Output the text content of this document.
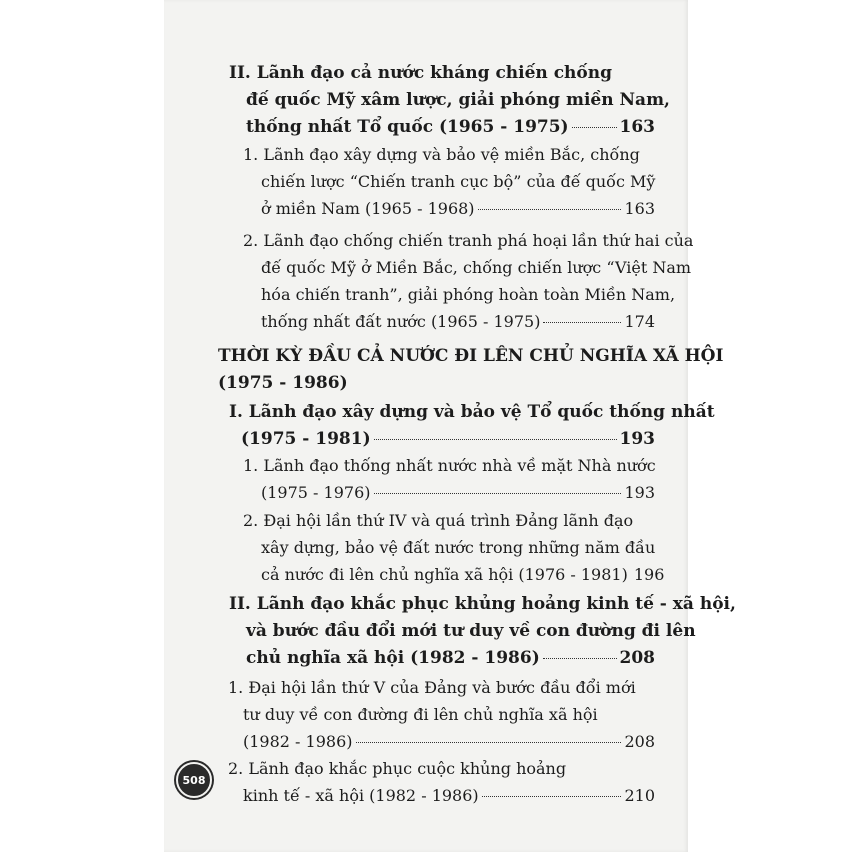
II. Lãnh đạo cả nước kháng chiến chống
đế quốc Mỹ xâm lược, giải phóng miền Nam,
thống nhất Tổ quốc (1965 - 1975)	163
1. Lãnh đạo xây dựng và bảo vệ miền Bắc, chống
chiến lược “Chiến tranh cục bộ” của đế quốc Mỹ
ở miền Nam (1965 - 1968)	163
2. Lãnh đạo chống chiến tranh phá hoại lần thứ hai của
đế quốc Mỹ ở Miền Bắc, chống chiến lược “Việt Nam
hóa chiến tranh”, giải phóng hoàn toàn Miền Nam,
thống nhất đất nước (1965 - 1975)	174
THỜI KỲ ĐẦU CẢ NƯỚC ĐI LÊN CHỦ NGHĨA XÃ HỘI
(1975 - 1986)
I. Lãnh đạo xây dựng và bảo vệ Tổ quốc thống nhất
(1975 - 1981)	193
1. Lãnh đạo thống nhất nước nhà về mặt Nhà nước
(1975 - 1976)	193
2. Đại hội lần thứ IV và quá trình Đảng lãnh đạo
xây dựng, bảo vệ đất nước trong những năm đầu
cả nước đi lên chủ nghĩa xã hội (1976 - 1981) 196
II. Lãnh đạo khắc phục khủng hoảng kinh tế - xã hội,
và bước đầu đổi mới tư duy về con đường đi lên
chủ nghĩa xã hội (1982 - 1986)	208
1. Đại hội lần thứ V của Đảng và bước đầu đổi mới
tư duy về con đường đi lên chủ nghĩa xã hội
(1982 - 1986)	208
2. Lãnh đạo khắc phục cuộc khủng hoảng
kinh tế - xã hội (1982 - 1986)	210
508
